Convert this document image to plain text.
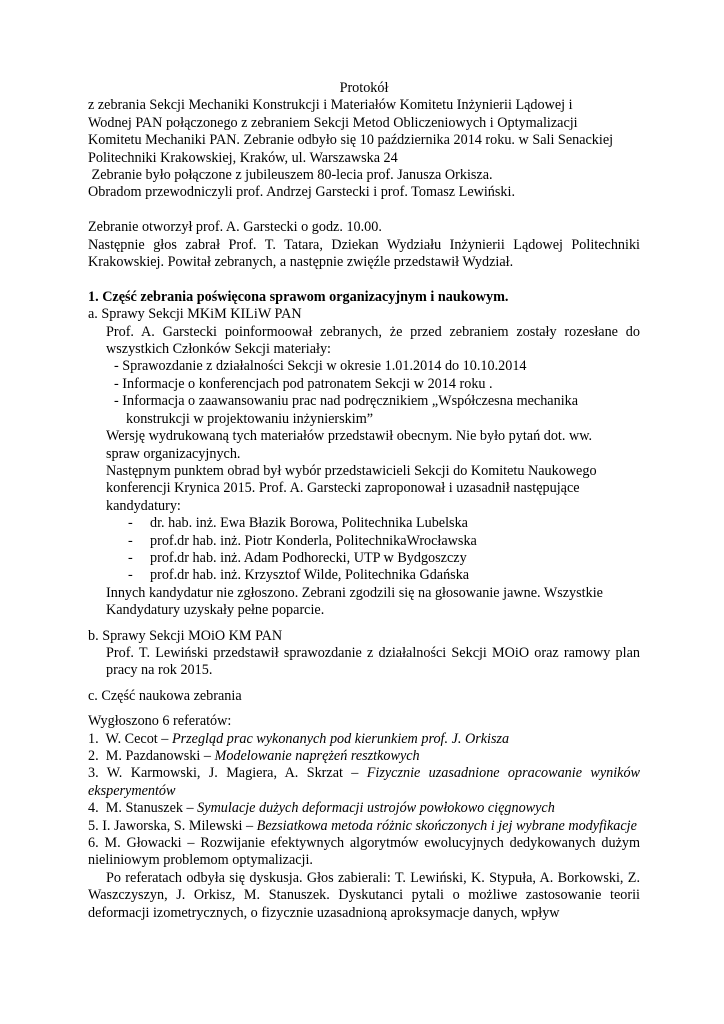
Protokół
z zebrania Sekcji Mechaniki Konstrukcji i Materiałów Komitetu Inżynierii Lądowej i
Wodnej PAN połączonego z zebraniem Sekcji Metod Obliczeniowych i Optymalizacji
Komitetu Mechaniki PAN. Zebranie odbyło się 10 października 2014 roku. w Sali Senackiej
Politechniki Krakowskiej, Kraków, ul. Warszawska 24
Zebranie było połączone z jubileuszem 80-lecia prof. Janusza Orkisza.
Obradom przewodniczyli prof. Andrzej Garstecki i prof. Tomasz Lewiński.
Zebranie otworzył prof. A. Garstecki o godz. 10.00.
Następnie głos zabrał Prof. T. Tatara, Dziekan Wydziału Inżynierii Lądowej Politechniki Krakowskiej. Powitał zebranych, a następnie zwięźle przedstawił Wydział.
1. Część zebrania poświęcona sprawom organizacyjnym i naukowym.
a. Sprawy Sekcji MKiM KILiW PAN
Prof. A. Garstecki poinformoował zebranych, że przed zebraniem zostały rozesłane do wszystkich Członków Sekcji materiały:
- Sprawozdanie z działalności Sekcji w okresie 1.01.2014 do 10.10.2014
- Informacje o konferencjach pod patronatem Sekcji w 2014 roku .
- Informacja o zaawansowaniu prac nad podręcznikiem „Współczesna mechanika konstrukcji w projektowaniu inżynierskim”
Wersję wydrukowaną tych materiałów przedstawił obecnym. Nie było pytań dot. ww. spraw organizacyjnych.
Następnym punktem obrad był wybór przedstawicieli Sekcji do Komitetu Naukowego konferencji Krynica 2015. Prof. A. Garstecki zaproponował i uzasadnił następujące kandydatury:
- dr. hab. inż. Ewa Błazik Borowa, Politechnika Lubelska
- prof.dr hab. inż. Piotr Konderla, PolitechnikaWrocławska
- prof.dr hab. inż. Adam Podhorecki, UTP w Bydgoszczy
- prof.dr hab. inż. Krzysztof Wilde, Politechnika Gdańska
Innych kandydatur nie zgłoszono. Zebrani zgodzili się na głosowanie jawne. Wszystkie Kandydatury uzyskały pełne poparcie.
b. Sprawy Sekcji MOiO KM PAN
Prof. T. Lewiński przedstawił sprawozdanie z działalności Sekcji MOiO oraz ramowy plan pracy na rok 2015.
c. Część naukowa zebrania
Wygłoszono 6 referatów:
1.  W. Cecot – Przegląd prac wykonanych pod kierunkiem prof. J. Orkisza
2.  M. Pazdanowski – Modelowanie naprężeń resztkowych
3. W. Karmowski, J. Magiera, A. Skrzat – Fizycznie uzasadnione opracowanie wyników eksperymentów
4.  M. Stanuszek – Symulacje dużych deformacji ustrojów powłokowo cięgnowych
5. I. Jaworska, S. Milewski – Bezsiatkowa metoda różnic skończonych i jej wybrane modyfikacje
6. M. Głowacki – Rozwijanie efektywnych algorytmów ewolucyjnych dedykowanych dużym nieliniowym problemom optymalizacji.
Po referatach odbyła się dyskusja. Głos zabierali: T. Lewiński, K. Stypuła, A. Borkowski, Z. Waszczyszyn, J. Orkisz, M. Stanuszek. Dyskutanci pytali o możliwe zastosowanie teorii deformacji izometrycznych, o fizycznie uzasadnioną aproksymacje danych, wpływ
